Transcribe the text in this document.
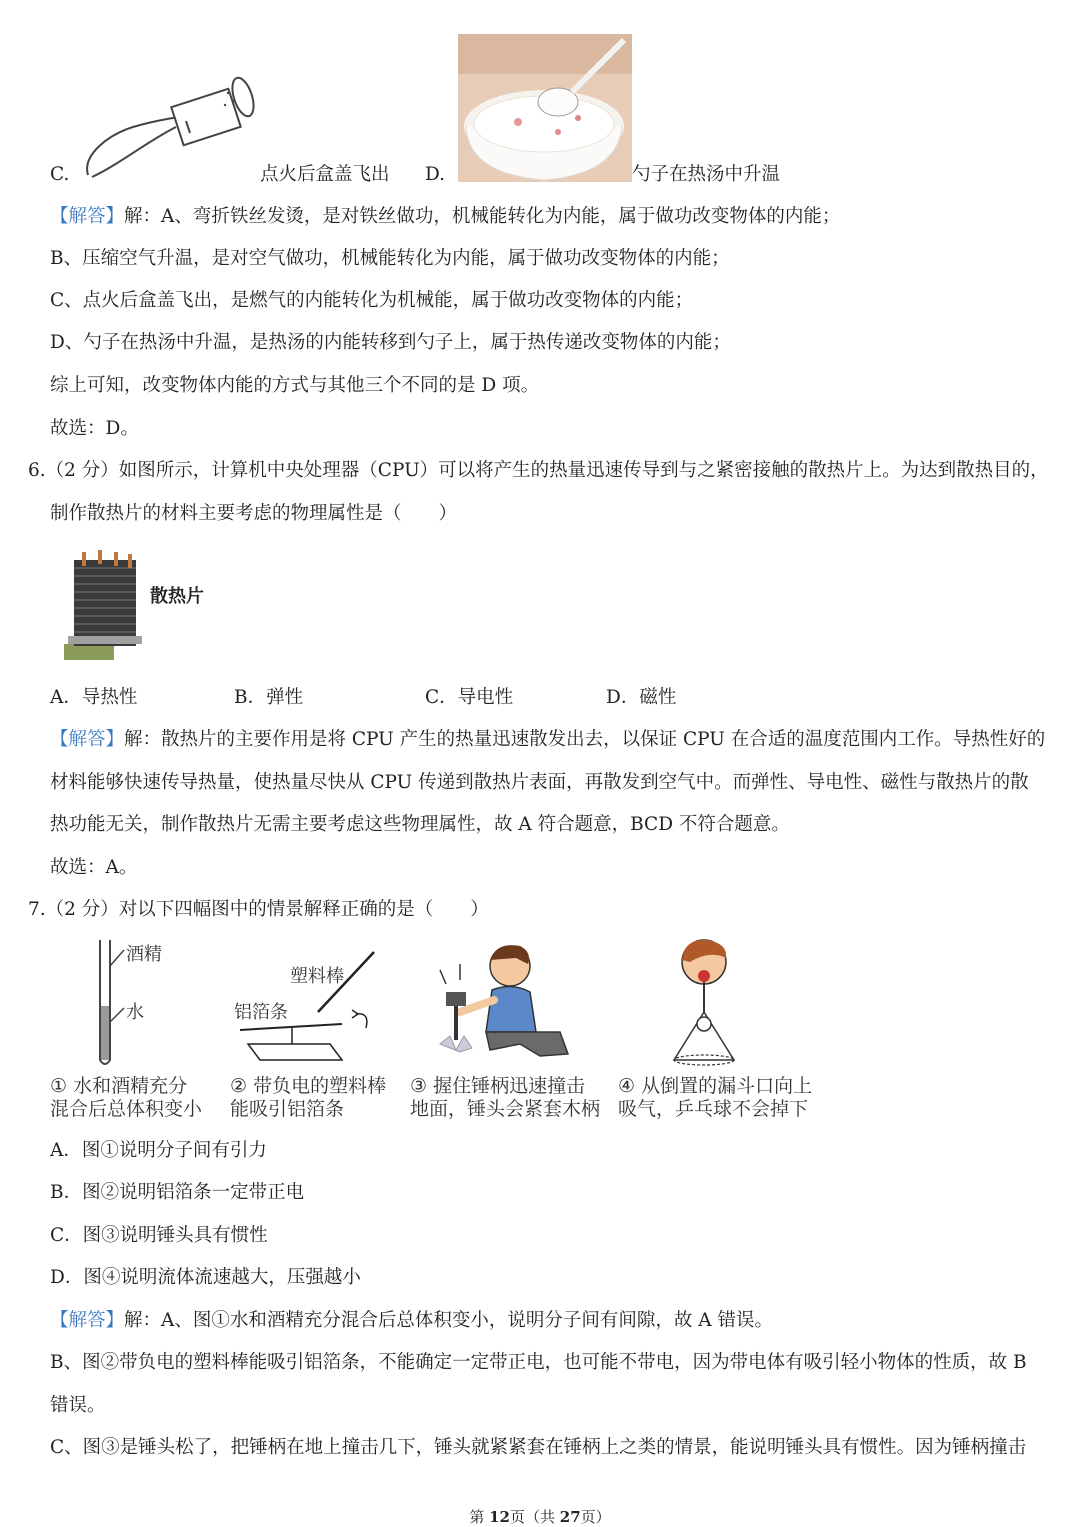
C.	点火后盒盖飞出 D.	勺子在热汤中升温
【解答】解：A、弯折铁丝发烫，是对铁丝做功，机械能转化为内能，属于做功改变物体的内能；
B、压缩空气升温，是对空气做功，机械能转化为内能，属于做功改变物体的内能；
C、点火后盒盖飞出，是燃气的内能转化为机械能，属于做功改变物体的内能；
D、勺子在热汤中升温，是热汤的内能转移到勺子上，属于热传递改变物体的内能；
综上可知，改变物体内能的方式与其他三个不同的是 D 项。
故选：D。
6.（2 分）如图所示，计算机中央处理器（CPU）可以将产生的热量迅速传导到与之紧密接触的散热片上。为达到散热目的，
制作散热片的材料主要考虑的物理属性是（　　）
散热片
A．导热性	B．弹性	C．导电性	D．磁性
【解答】解：散热片的主要作用是将 CPU 产生的热量迅速散发出去，以保证 CPU 在合适的温度范围内工作。导热性好的
材料能够快速传导热量，使热量尽快从 CPU 传递到散热片表面，再散发到空气中。而弹性、导电性、磁性与散热片的散
热功能无关，制作散热片无需主要考虑这些物理属性，故 A 符合题意，BCD 不符合题意。
故选：A。
7.（2 分）对以下四幅图中的情景解释正确的是（　　）
酒精
水
① 水和酒精充分
混合后总体积变小
塑料棒
铝箔条
② 带负电的塑料棒
能吸引铝箔条
③ 握住锤柄迅速撞击
地面，锤头会紧套木柄
④ 从倒置的漏斗口向上
吸气，乒乓球不会掉下
A．图①说明分子间有引力
B．图②说明铝箔条一定带正电
C．图③说明锤头具有惯性
D．图④说明流体流速越大，压强越小
【解答】解：A、图①水和酒精充分混合后总体积变小，说明分子间有间隙，故 A 错误。
B、图②带负电的塑料棒能吸引铝箔条，不能确定一定带正电，也可能不带电，因为带电体有吸引轻小物体的性质，故 B
错误。
C、图③是锤头松了，把锤柄在地上撞击几下，锤头就紧紧套在锤柄上之类的情景，能说明锤头具有惯性。因为锤柄撞击
第 12页（共 27页）
